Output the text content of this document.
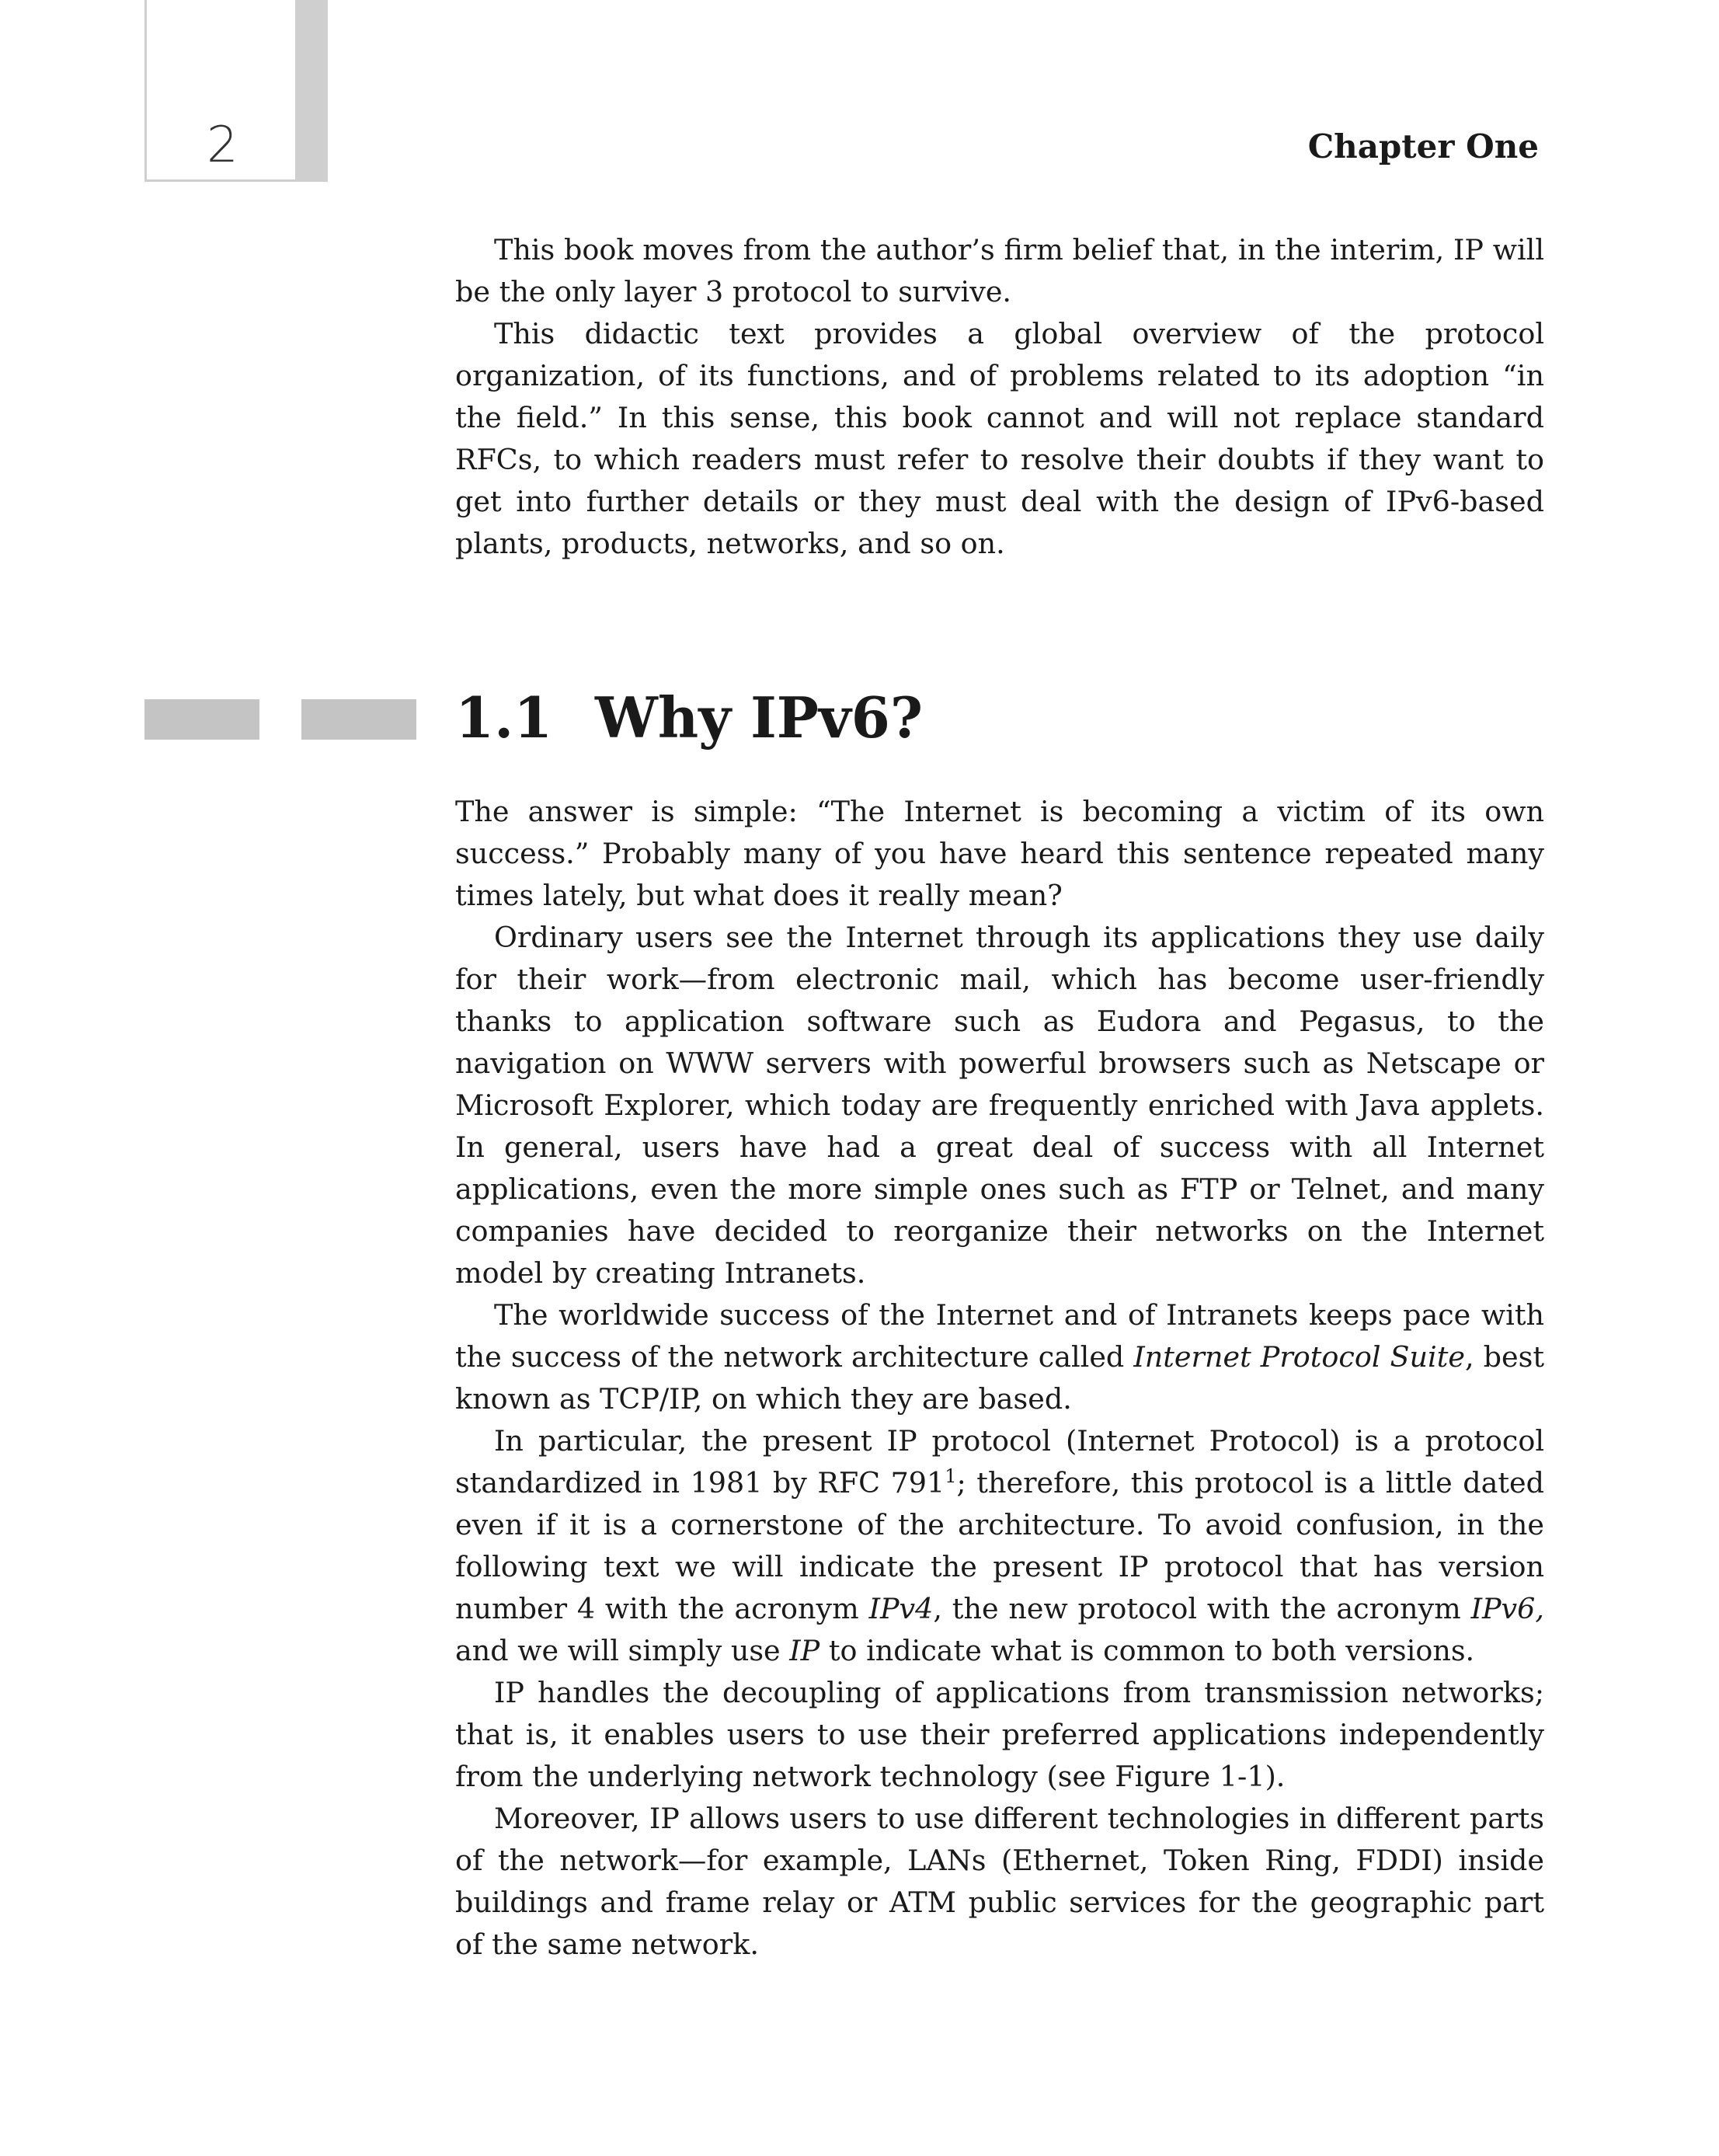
2	Chapter One

This book moves from the author’s firm belief that, in the interim, IP will be the only layer 3 protocol to survive.

This didactic text provides a global overview of the protocol organization, of its functions, and of problems related to its adoption “in the field.” In this sense, this book cannot and will not replace standard RFCs, to which readers must refer to resolve their doubts if they want to get into further details or they must deal with the design of IPv6-based plants, products, networks, and so on.

1.1 Why IPv6?

The answer is simple: “The Internet is becoming a victim of its own success.” Probably many of you have heard this sentence repeated many times lately, but what does it really mean?

Ordinary users see the Internet through its applications they use daily for their work—from electronic mail, which has become user-friendly thanks to application software such as Eudora and Pegasus, to the navigation on WWW servers with powerful browsers such as Netscape or Microsoft Explorer, which today are frequently enriched with Java applets. In general, users have had a great deal of success with all Internet applications, even the more simple ones such as FTP or Telnet, and many companies have decided to reorganize their networks on the Internet model by creating Intranets.

The worldwide success of the Internet and of Intranets keeps pace with the success of the network architecture called Internet Protocol Suite, best known as TCP/IP, on which they are based.

In particular, the present IP protocol (Internet Protocol) is a protocol standardized in 1981 by RFC $791^1$; therefore, this protocol is a little dated even if it is a cornerstone of the architecture. To avoid confusion, in the following text we will indicate the present IP protocol that has version number 4 with the acronym IPv4, the new protocol with the acronym IPv6, and we will simply use IP to indicate what is common to both versions.

IP handles the decoupling of applications from transmission networks; that is, it enables users to use their preferred applications independently from the underlying network technology (see Figure 1-1).

Moreover, IP allows users to use different technologies in different parts of the network—for example, LANs (Ethernet, Token Ring, FDDI) inside buildings and frame relay or ATM public services for the geographic part of the same network.
